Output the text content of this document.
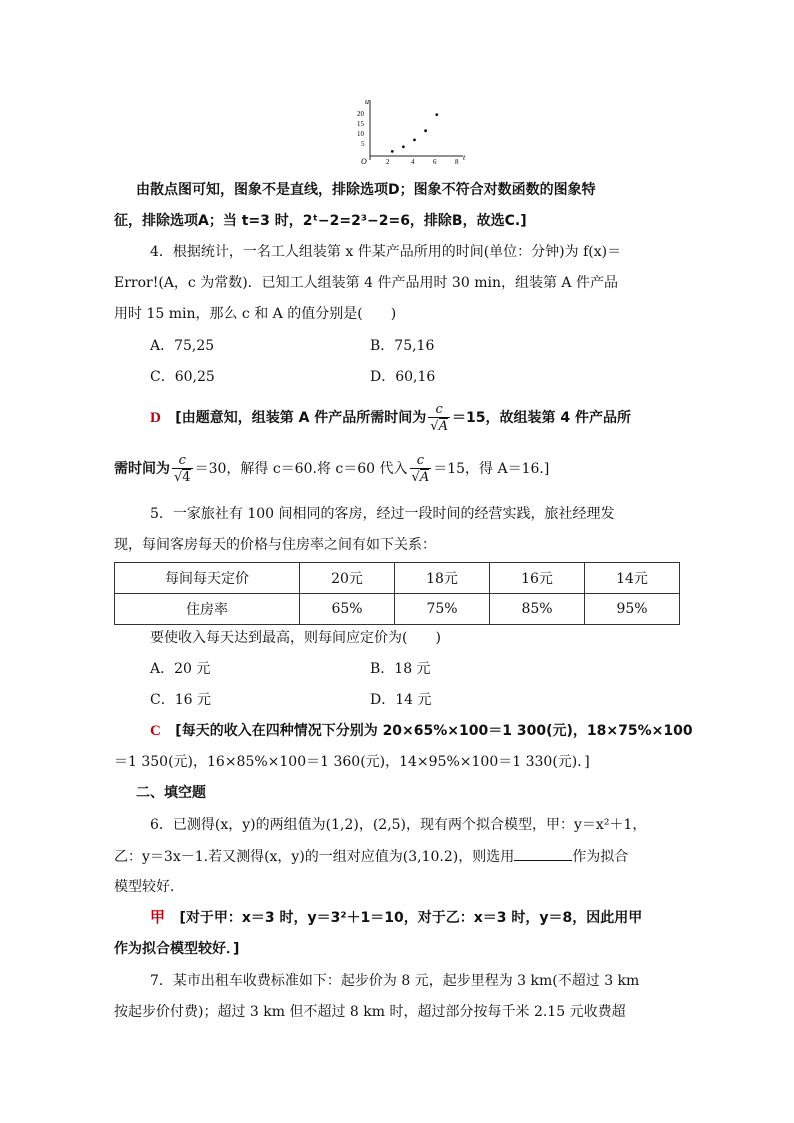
u
t
O
20
15
10
5
2	4	6	8
由散点图可知，图象不是直线，排除选项D；图象不符合对数函数的图象特
征，排除选项A；当 t=3 时，2ᵗ−2=2³−2=6，排除B，故选C.]
4．根据统计，一名工人组装第 x 件某产品所用的时间(单位：分钟)为 f(x)＝
Error!(A，c 为常数)．已知工人组装第 4 件产品用时 30 min，组装第 A 件产品
用时 15 min，那么 c 和 A 的值分别是(　　)
A．75,25	B．75,16
C．60,25	D．60,16
D [由题意知，组装第 A 件产品所需时间为 $\frac{c}{√A} =15$，故组装第 4 件产品所
需时间为 $\frac{c}{√4} =30$，解得 c＝60.将 c＝60 代入 $\frac{c}{√A} =15$，得 A＝16.]
5．一家旅社有 100 间相同的客房，经过一段时间的经营实践，旅社经理发
现，每间客房每天的价格与住房率之间有如下关系：
每间每天定价	20元	18元	16元	14元
住房率	65%	75%	85%	95%
要使收入每天达到最高，则每间应定价为(　　)
A．20 元	B．18 元
C．16 元	D．14 元
C [每天的收入在四种情况下分别为 20×65%×100＝1 300(元)，18×75%×100
＝1 350(元)，16×85%×100＝1 360(元)，14×95%×100＝1 330(元)．]
二、填空题
6．已测得(x，y)的两组值为(1,2)，(2,5)，现有两个拟合模型，甲：y＝x²＋1，
乙：y＝3x－1.若又测得(x，y)的一组对应值为(3,10.2)，则选用	作为拟合
模型较好．
甲 [对于甲：x＝3 时，y＝3²＋1＝10，对于乙：x＝3 时，y＝8，因此用甲
作为拟合模型较好．]
7．某市出租车收费标准如下：起步价为 8 元，起步里程为 3 km(不超过 3 km
按起步价付费)；超过 3 km 但不超过 8 km 时，超过部分按每千米 2.15 元收费超
